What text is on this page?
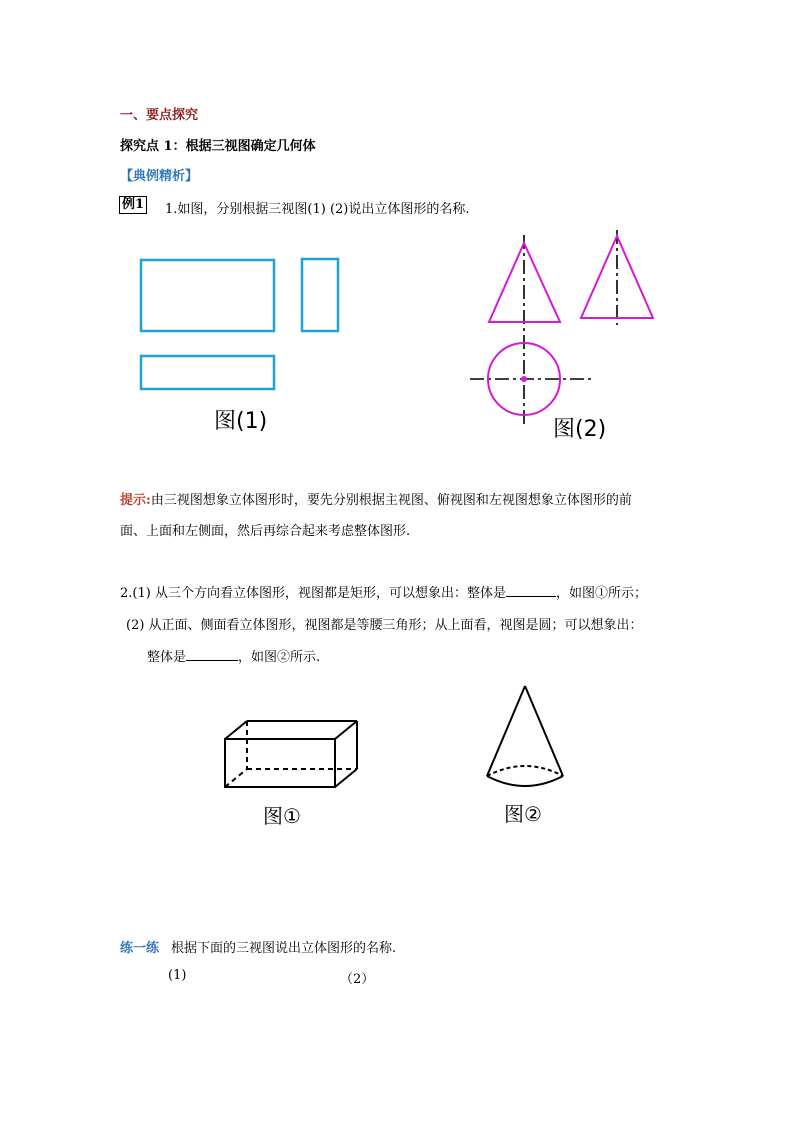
一、要点探究
探究点 1：根据三视图确定几何体
【典例精析】
例1 1.如图，分别根据三视图(1) (2)说出立体图形的名称.
图(1)	图(2)
提示:由三视图想象立体图形时，要先分别根据主视图、俯视图和左视图想象立体图形的前
面、上面和左侧面，然后再综合起来考虑整体图形.
2.(1) 从三个方向看立体图形，视图都是矩形，可以想象出：整体是	，如图①所示；
(2) 从正面、侧面看立体图形，视图都是等腰三角形；从上面看，视图是圆；可以想象出：
整体是	，如图②所示.
图①	图②
练一练 根据下面的三视图说出立体图形的名称.
(1)	（2）
